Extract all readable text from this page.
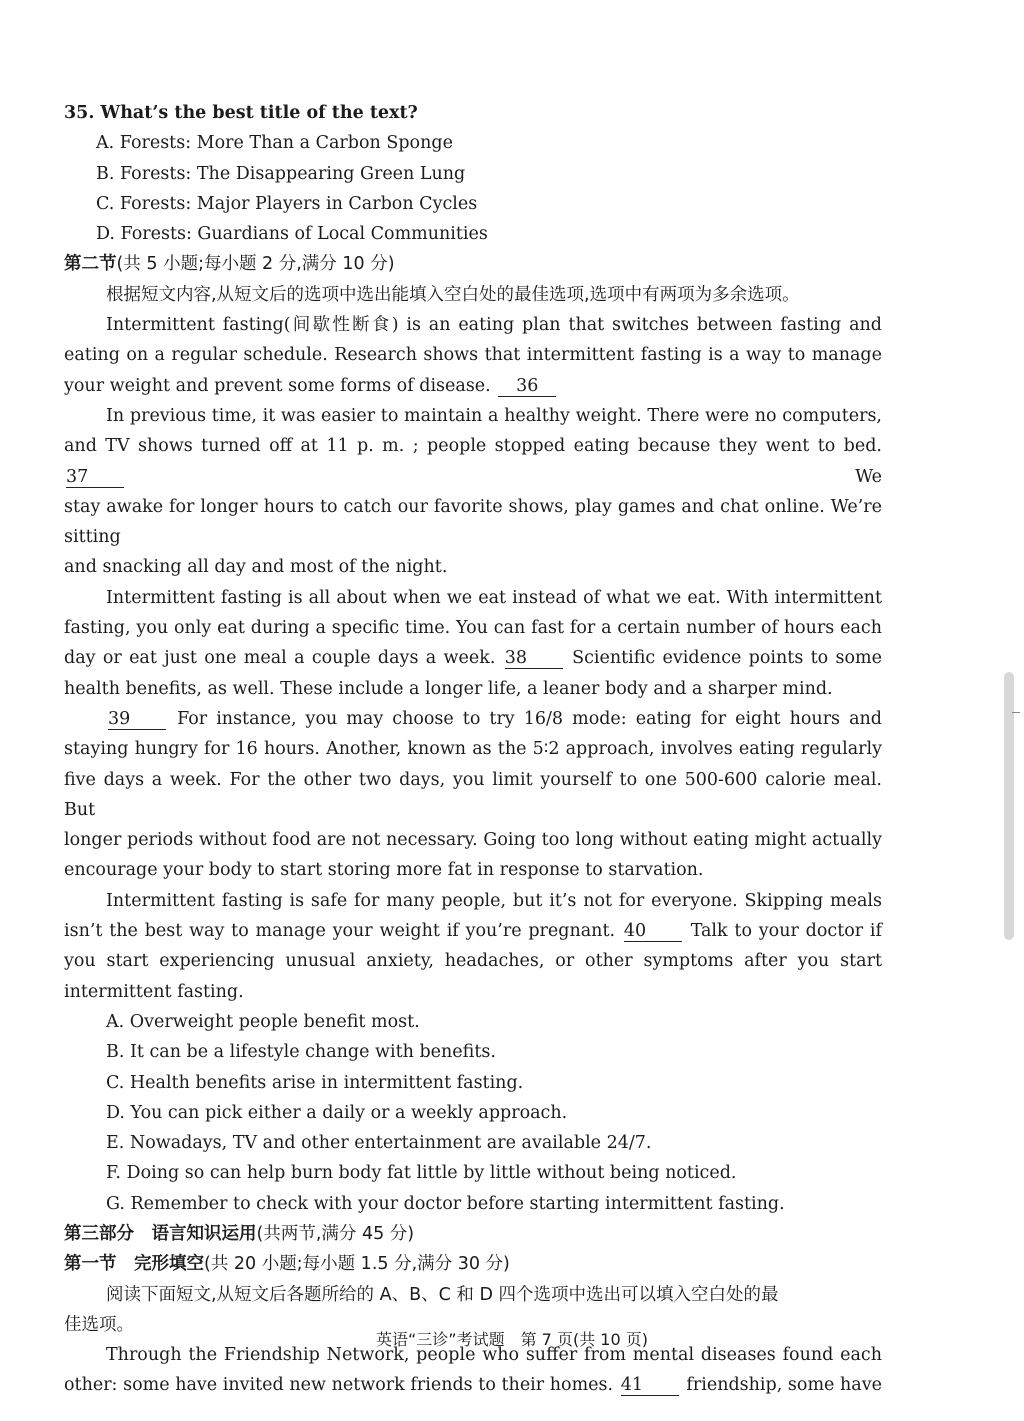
35. What’s the best title of the text?
A. Forests: More Than a Carbon Sponge
B. Forests: The Disappearing Green Lung
C. Forests: Major Players in Carbon Cycles
D. Forests: Guardians of Local Communities
第二节(共 5 小题;每小题 2 分,满分 10 分)
根据短文内容,从短文后的选项中选出能填入空白处的最佳选项,选项中有两项为多余选项。
Intermittent fasting(间歇性断食) is an eating plan that switches between fasting and
eating on a regular schedule. Research shows that intermittent fasting is a way to manage
your weight and prevent some forms of disease. 36
In previous time, it was easier to maintain a healthy weight. There were no computers,
and TV shows turned off at 11 p. m. ; people stopped eating because they went to bed. 37	We
stay awake for longer hours to catch our favorite shows, play games and chat online. We’re sitting
and snacking all day and most of the night.
Intermittent fasting is all about when we eat instead of what we eat. With intermittent
fasting, you only eat during a specific time. You can fast for a certain number of hours each
day or eat just one meal a couple days a week. 38	Scientific evidence points to some
health benefits, as well. These include a longer life, a leaner body and a sharper mind.
39	For instance, you may choose to try 16/8 mode: eating for eight hours and
staying hungry for 16 hours. Another, known as the 5∶2 approach, involves eating regularly
five days a week. For the other two days, you limit yourself to one 500-600 calorie meal. But
longer periods without food are not necessary. Going too long without eating might actually
encourage your body to start storing more fat in response to starvation.
Intermittent fasting is safe for many people, but it’s not for everyone. Skipping meals
isn’t the best way to manage your weight if you’re pregnant. 40	Talk to your doctor if
you start experiencing unusual anxiety, headaches, or other symptoms after you start
intermittent fasting.
A. Overweight people benefit most.
B. It can be a lifestyle change with benefits.
C. Health benefits arise in intermittent fasting.
D. You can pick either a daily or a weekly approach.
E. Nowadays, TV and other entertainment are available 24/7.
F. Doing so can help burn body fat little by little without being noticed.
G. Remember to check with your doctor before starting intermittent fasting.
第三部分　语言知识运用(共两节,满分 45 分)
第一节　完形填空(共 20 小题;每小题 1.5 分,满分 30 分)
阅读下面短文,从短文后各题所给的 A、B、C 和 D 四个选项中选出可以填入空白处的最
佳选项。
Through the Friendship Network, people who suffer from mental diseases found each
other: some have invited new network friends to their homes. 41 friendship, some have
英语“三诊”考试题　第 7 页(共 10 页)
